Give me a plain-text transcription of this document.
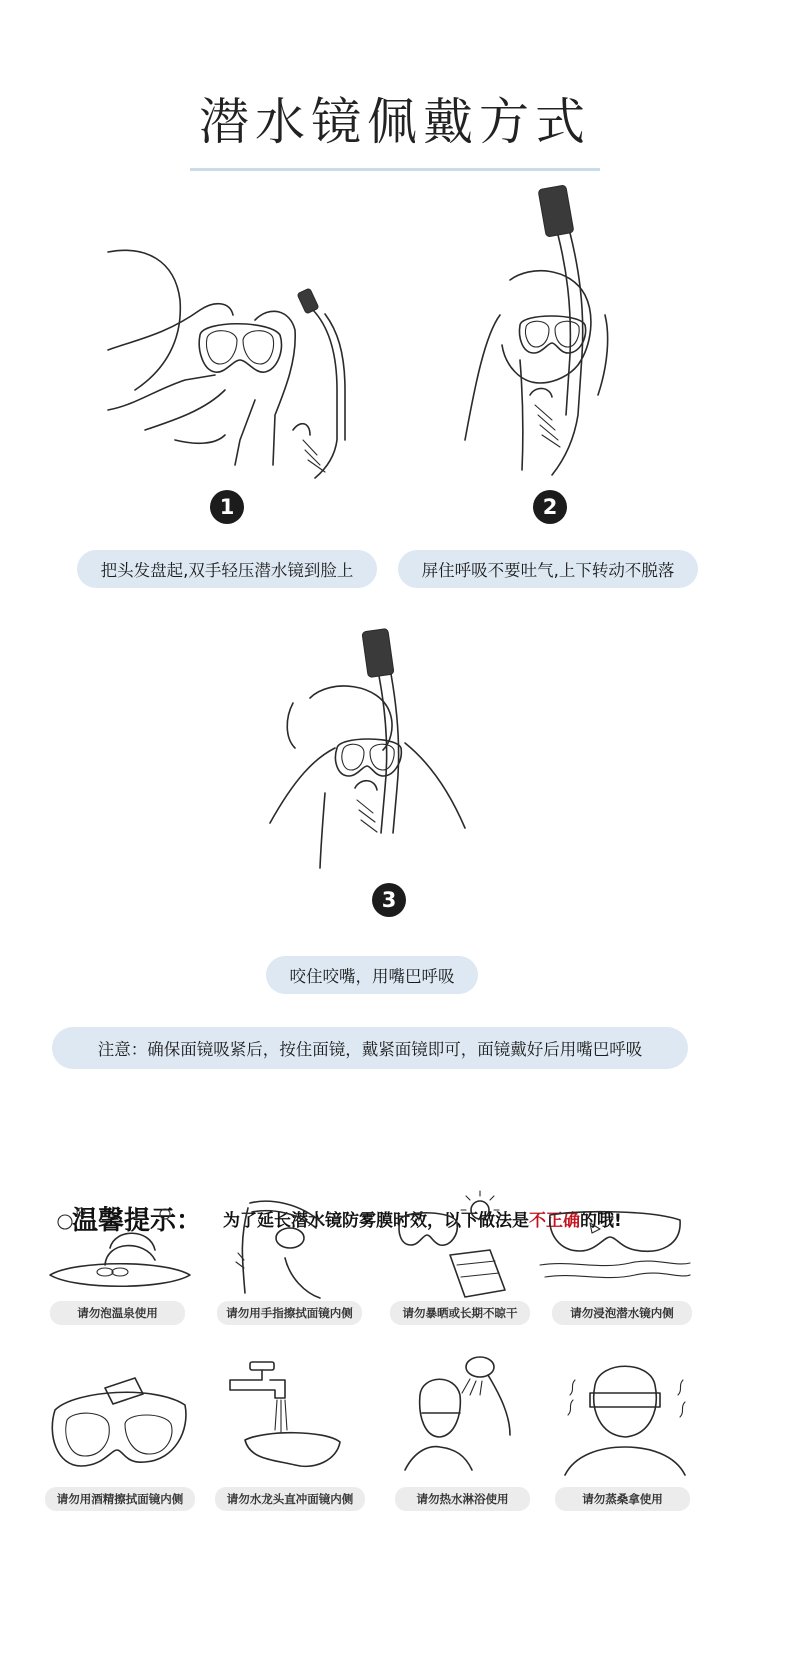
潜水镜佩戴方式
1	2
把头发盘起,双手轻压潜水镜到脸上	屏住呼吸不要吐气,上下转动不脱落
3
咬住咬嘴，用嘴巴呼吸
注意：确保面镜吸紧后，按住面镜，戴紧面镜即可，面镜戴好后用嘴巴呼吸
温馨提示： 为了延长潜水镜防雾膜时效，以下做法是不正确的哦!
请勿泡温泉使用	请勿用手指擦拭面镜内侧	请勿暴晒或长期不晾干	请勿浸泡潜水镜内侧
请勿用酒精擦拭面镜内侧	请勿水龙头直冲面镜内侧	请勿热水淋浴使用	请勿蒸桑拿使用
